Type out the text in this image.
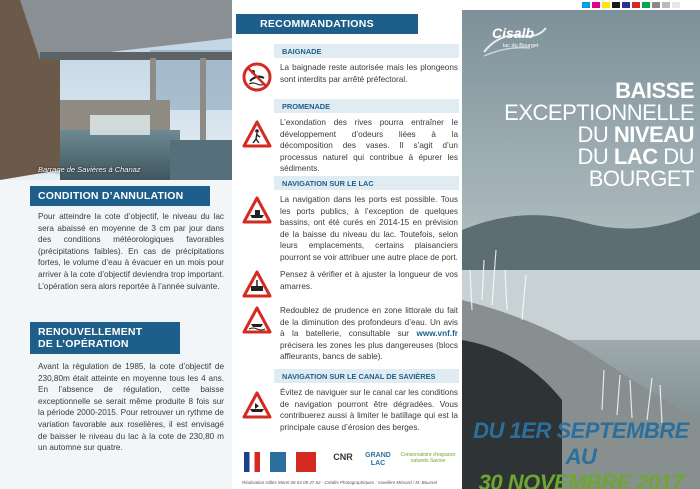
Barrage de Savières à Chanaz
CONDITION D’ANNULATION
Pour atteindre la cote d’objectif, le niveau du lac sera abaissé en moyenne de 3 cm par jour dans des conditions météorologiques favorables (précipitations faibles). En cas de précipitations fortes, le volume d’eau à évacuer en un mois pour arriver à la cote d’objectif deviendra trop important. L’opération sera alors reportée à l’année suivante.
RENOUVELLEMENT
DE L’OPÉRATION
Avant la régulation de 1985, la cote d’objectif de 230,80m était atteinte en moyenne tous les 4 ans. En l’absence de régulation, cette baisse exceptionnelle se serait même produite 8 fois sur la période 2000-2015. Pour retrouver un rythme de variation favorable aux roselières, il est envisagé de baisser le niveau du lac à la cote de 230,80 m un automne sur quatre.
RECOMMANDATIONS
BAIGNADE
La baignade reste autorisée mais les plongeons sont interdits par arrêté préfectoral.
PROMENADE
L’exondation des rives pourra entraîner le développement d’odeurs liées à la décomposition des vases. Il s’agit d’un processus naturel qui contribue à épurer les sédiments.
NAVIGATION SUR LE LAC
La navigation dans les ports est possible. Tous les ports publics, à l’exception de quelques bassins, ont été curés en 2014-15 en prévision de la baisse du niveau du lac. Toutefois, selon leurs emplacements, certains plaisanciers pourront se voir attribuer une autre place de port.
Pensez à vérifier et à ajuster la longueur de vos amarres.
Redoublez de prudence en zone littorale du fait de la diminution des profondeurs d’eau. Un avis à la batellerie, consultable sur www.vnf.fr précisera les zones les plus dangereuses (blocs affleurants, bancs de sable).
NAVIGATION SUR LE CANAL DE SAVIÈRES
Évitez de naviguer sur le canal car les conditions de navigation pourront être dégradées. Vous contribuerez aussi à limiter le batillage qui est la principale cause d’érosion des berges.
CNR	GRAND LAC
Conservatoire d’espaces naturels Savoie
Réalisation Gilles Morel 06 54 09 47 62 - Crédits Photographiques : roselière Ménard / M. Bourset
Cisalb
lac du Bourget
BAISSE
EXCEPTIONNELLE
DU NIVEAU
DU LAC DU BOURGET
DU 1ER SEPTEMBRE AU
30 NOVEMBRE 2017
